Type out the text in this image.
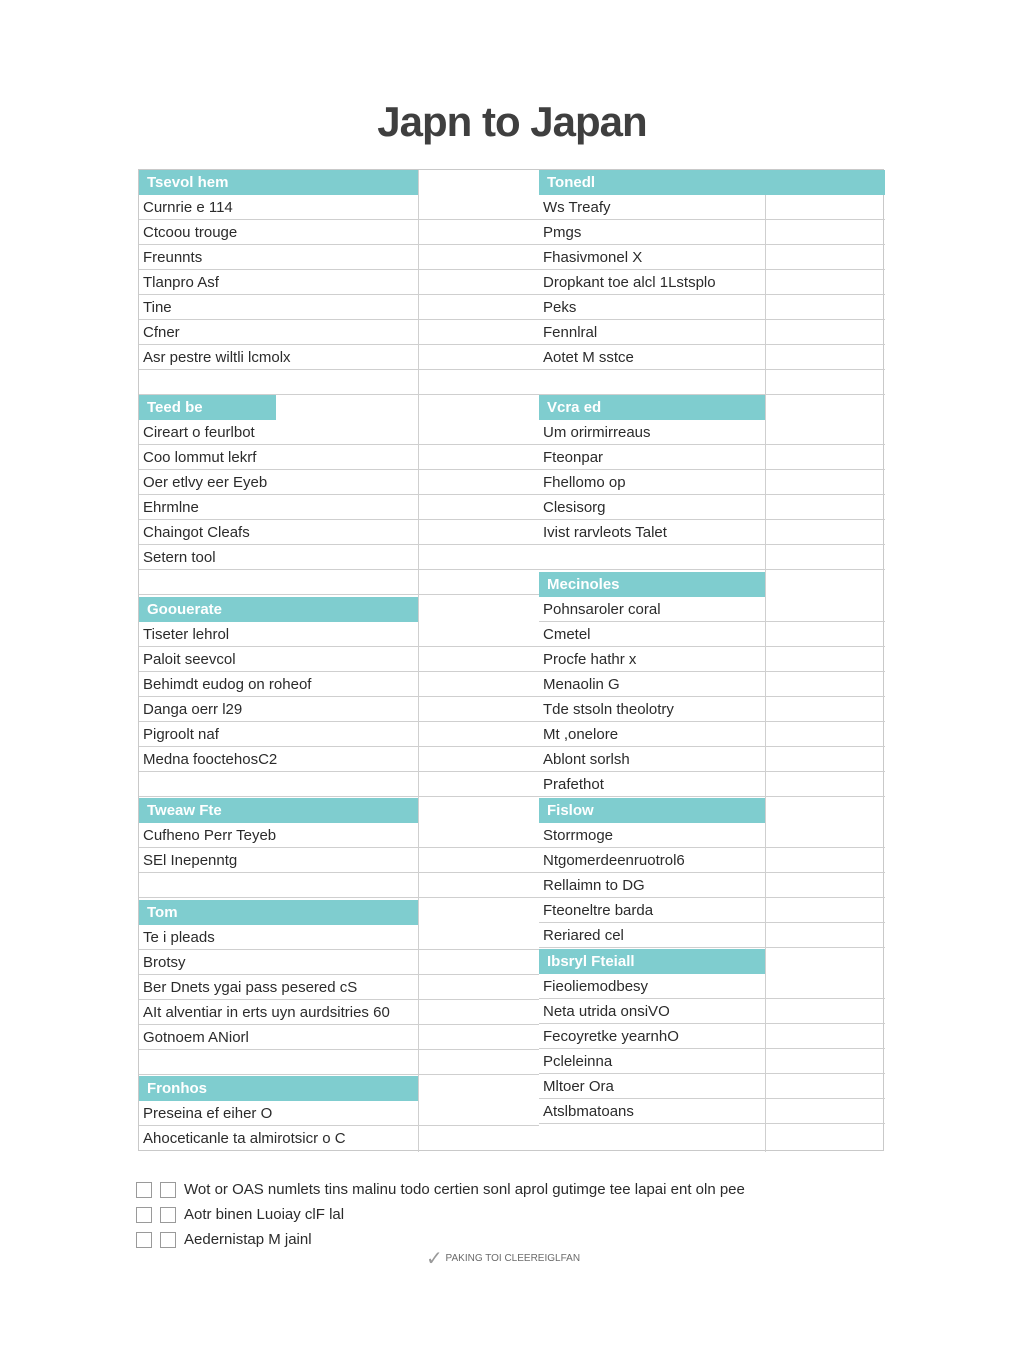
Japn to Japan
Tsevol hem
Curnrie e 114
Ctcoou trouge
Freunnts
Tlanpro Asf
Tine
Cfner
Asr pestre wiltli lcmolx
Teed be
Cireart o feurlbot
Coo lommut lekrf
Oer etlvy eer Eyeb
Ehrmlne
Chaingot Cleafs
Setern tool
Goouerate
Tiseter lehrol
Paloit seevcol
Behimdt eudog on roheof
Danga oerr l29
Pigroolt naf
Medna fooctehosC2
Tweaw Fte
Cufheno Perr Teyeb
SEl Inepenntg
Tom
Te i pleads
Brotsy
Ber Dnets ygai pass pesered cS
AIt alventiar in erts uyn aurdsitries 60
Gotnoem ANiorl
Fronhos
Preseina ef eiher O
Ahoceticanle ta almirotsicr o C
Tonedl
Ws Treafy
Pmgs
Fhasivmonel X
Dropkant toe alcl 1Lstsplo
Peks
Fennlral
Aotet M sstce
Vcra ed
Um orirmirreaus
Fteonpar
Fhellomo op
Clesisorg
Ivist rarvleots Talet
Mecinoles
Pohnsaroler coral
Cmetel
Procfe hathr x
Menaolin G
Tde stsoln theolotry
Mt ,onelore
Ablont sorlsh
Prafethot
Fislow
Storrmoge
Ntgomerdeenruotrol6
Rellaimn to DG
Fteoneltre barda
Reriared cel
Ibsryl Fteiall
Fieoliemodbesy
Neta utrida onsiVO
Fecoyretke yearnhO
Pcleleinna
Mltoer Ora
Atslbmatoans
Wot or OAS numlets tins malinu todo certien sonl aprol gutimge tee lapai ent oln pee
Aotr binen Luoiay clF lal
Aedernistap M jainl
✓ PAKING TOI CLEEREIGLFAN
